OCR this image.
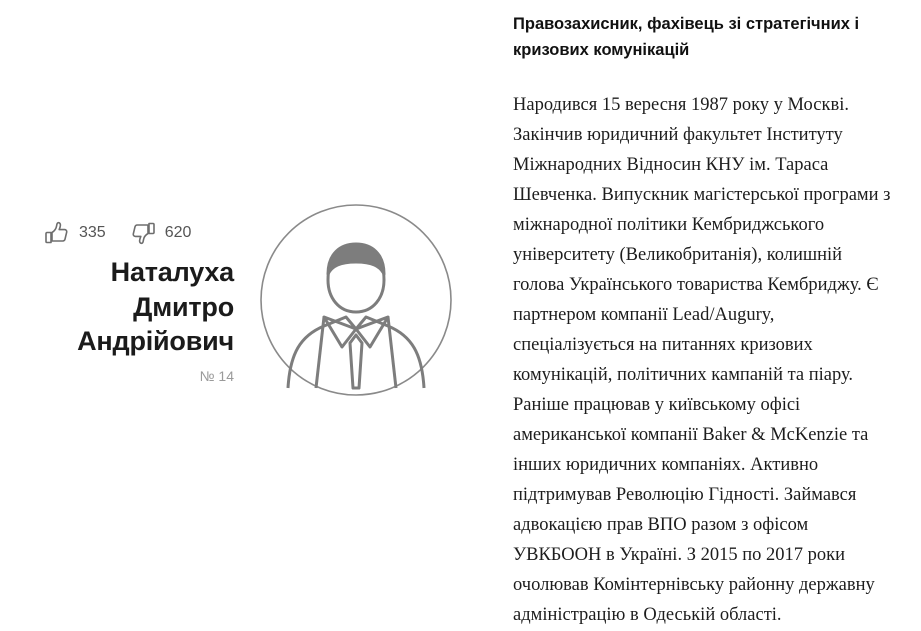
335	620
Наталуха Дмитро Андрійович
№ 14
Правозахисник, фахівець зі стратегічних і кризових комунікацій

Народився 15 вересня 1987 року у Москві. Закінчив юридичний факультет Інституту Міжнародних Відносин КНУ ім. Тараса Шевченка. Випускник магістерської програми з міжнародної політики Кембриджського університету (Великобританія), колишній голова Українського товариства Кембриджу. Є партнером компанії Lead/Augury, спеціалізується на питаннях кризових комунікацій, політичних кампаній та піару. Раніше працював у київському офісі американської компанії Baker & McKenzie та інших юридичних компаніях. Активно підтримував Революцію Гідності. Займався адвокацією прав ВПО разом з офісом УВКБООН в Україні. З 2015 по 2017 роки очолював Комінтернівську районну державну адміністрацію в Одеській області.
